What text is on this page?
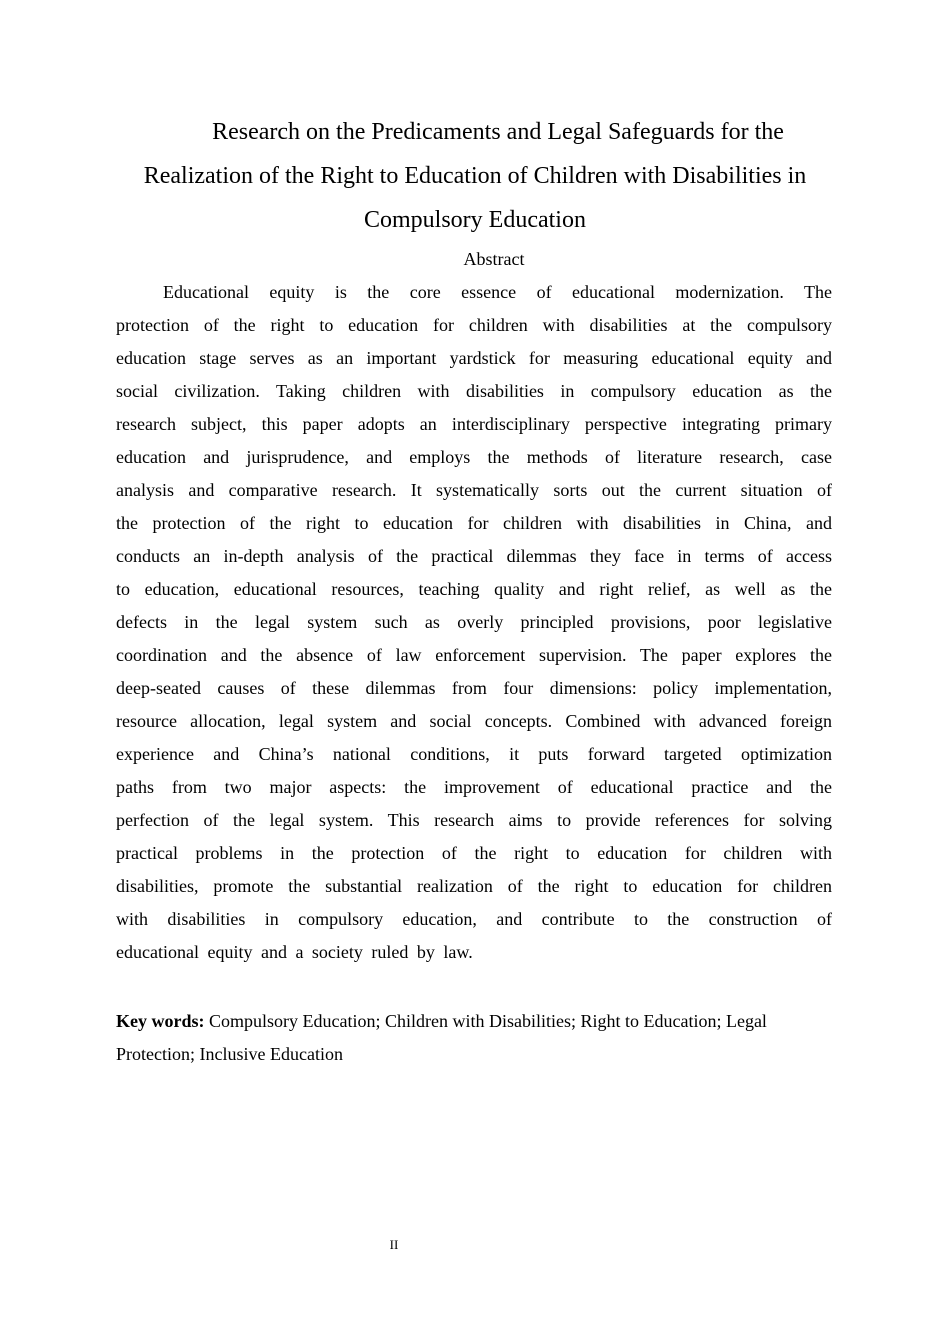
Research on the Predicaments and Legal Safeguards for the
Realization of the Right to Education of Children with Disabilities in
Compulsory Education
Abstract
Educational equity is the core essence of educational modernization. The
protection of the right to education for children with disabilities at the compulsory
education stage serves as an important yardstick for measuring educational equity and
social civilization. Taking children with disabilities in compulsory education as the
research subject, this paper adopts an interdisciplinary perspective integrating primary
education and jurisprudence, and employs the methods of literature research, case
analysis and comparative research. It systematically sorts out the current situation of
the protection of the right to education for children with disabilities in China, and
conducts an in-depth analysis of the practical dilemmas they face in terms of access
to education, educational resources, teaching quality and right relief, as well as the
defects in the legal system such as overly principled provisions, poor legislative
coordination and the absence of law enforcement supervision. The paper explores the
deep-seated causes of these dilemmas from four dimensions: policy implementation,
resource allocation, legal system and social concepts. Combined with advanced foreign
experience and China’s national conditions, it puts forward targeted optimization
paths from two major aspects: the improvement of educational practice and the
perfection of the legal system. This research aims to provide references for solving
practical problems in the protection of the right to education for children with
disabilities, promote the substantial realization of the right to education for children
with disabilities in compulsory education, and contribute to the construction of
educational equity and a society ruled by law.
Key words: Compulsory Education; Children with Disabilities; Right to Education; Legal
Protection; Inclusive Education
II
